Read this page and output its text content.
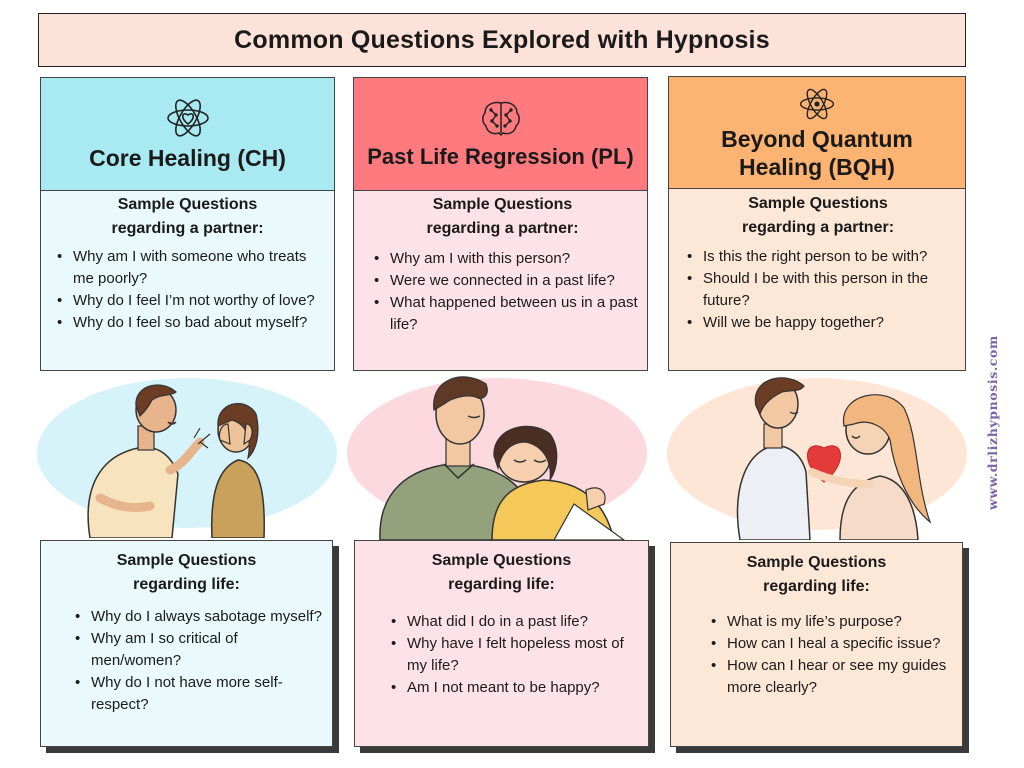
Common Questions Explored with Hypnosis
Core Healing (CH)
Sample Questions
regarding a partner:
• Why am I with someone who treats me poorly?
• Why do I feel I’m not worthy of love?
• Why do I feel so bad about myself?
Sample Questions
regarding life:
• Why do I always sabotage myself?
• Why am I so critical of men/women?
• Why do I not have more self-respect?
Past Life Regression (PL)
Sample Questions
regarding a partner:
• Why am I with this person?
• Were we connected in a past life?
• What happened between us in a past life?
Sample Questions
regarding life:
• What did I do in a past life?
• Why have I felt hopeless most of my life?
• Am I not meant to be happy?
Beyond Quantum
Healing (BQH)
Sample Questions
regarding a partner:
• Is this the right person to be with?
• Should I be with this person in the future?
• Will we be happy together?
Sample Questions
regarding life:
• What is my life’s purpose?
• How can I heal a specific issue?
• How can I hear or see my guides more clearly?
www.drlizhypnosis.com
